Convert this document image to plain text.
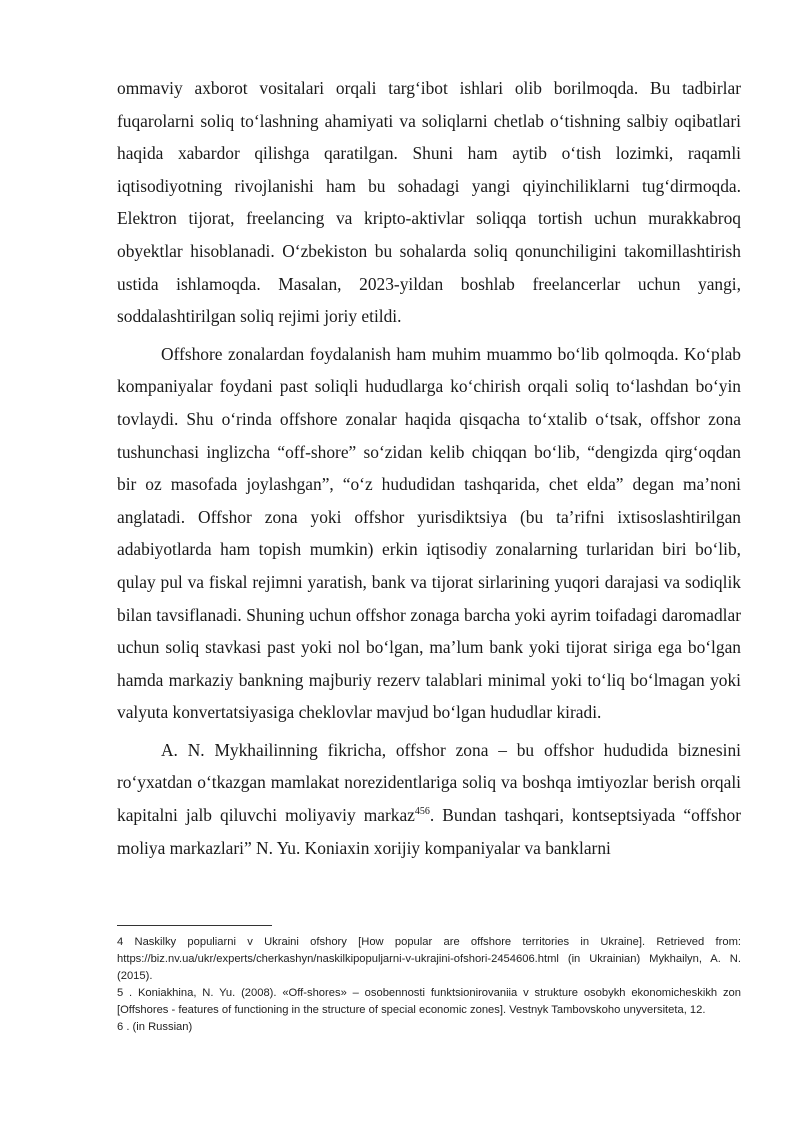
ommaviy axborot vositalari orqali targ‘ibot ishlari olib borilmoqda. Bu tadbirlar fuqarolarni soliq to‘lashning ahamiyati va soliqlarni chetlab o‘tishning salbiy oqibatlari haqida xabardor qilishga qaratilgan. Shuni ham aytib o‘tish lozimki, raqamli iqtisodiyotning rivojlanishi ham bu sohadagi yangi qiyinchiliklarni tug‘dirmoqda. Elektron tijorat, freelancing va kripto-aktivlar soliqqa tortish uchun murakkabroq obyektlar hisoblanadi. O‘zbekiston bu sohalarda soliq qonunchiligini takomillashtirish ustida ishlamoqda. Masalan, 2023-yildan boshlab freelancerlar uchun yangi, soddalashtirilgan soliq rejimi joriy etildi.

Offshore zonalardan foydalanish ham muhim muammo bo‘lib qolmoqda. Ko‘plab kompaniyalar foydani past soliqli hududlarga ko‘chirish orqali soliq to‘lashdan bo‘yin tovlaydi. Shu o‘rinda offshore zonalar haqida qisqacha to‘xtalib o‘tsak, offshor zona tushunchasi inglizcha “off-shore” so‘zidan kelib chiqqan bo‘lib, “dengizda qirg‘oqdan bir oz masofada joylashgan”, “o‘z hududidan tashqarida, chet elda” degan ma’noni anglatadi. Offshor zona yoki offshor yurisdiktsiya (bu ta’rifni ixtisoslashtirilgan adabiyotlarda ham topish mumkin) erkin iqtisodiy zonalarning turlaridan biri bo‘lib, qulay pul va fiskal rejimni yaratish, bank va tijorat sirlarining yuqori darajasi va sodiqlik bilan tavsiflanadi. Shuning uchun offshor zonaga barcha yoki ayrim toifadagi daromadlar uchun soliq stavkasi past yoki nol bo‘lgan, ma’lum bank yoki tijorat siriga ega bo‘lgan hamda markaziy bankning majburiy rezerv talablari minimal yoki to‘liq bo‘lmagan yoki valyuta konvertatsiyasiga cheklovlar mavjud bo‘lgan hududlar kiradi.

A. N. Mykhailinning fikricha, offshor zona – bu offshor hududida biznesini ro‘yxatdan o‘tkazgan mamlakat norezidentlariga soliq va boshqa imtiyozlar berish orqali kapitalni jalb qiluvchi moliyaviy markaz$^{456}$. Bundan tashqari, kontseptsiyada “offshor moliya markazlari” N. Yu. Koniaxin xorijiy kompaniyalar va banklarni

4 Naskilky populiarni v Ukraini ofshory [How popular are offshore territories in Ukraine]. Retrieved from: https://biz.nv.ua/ukr/experts/cherkashyn/naskilkipopuljarni-v-ukrajini-ofshori-2454606.html (in Ukrainian) Mykhailyn, A. N. (2015).

5 . Koniakhina, N. Yu. (2008). «Off-shores» – osobennosti funktsionirovaniia v strukture osobykh ekonomicheskikh zon [Offshores - features of functioning in the structure of special economic zones]. Vestnyk Tambovskoho unyversiteta, 12.

6 . (in Russian)
